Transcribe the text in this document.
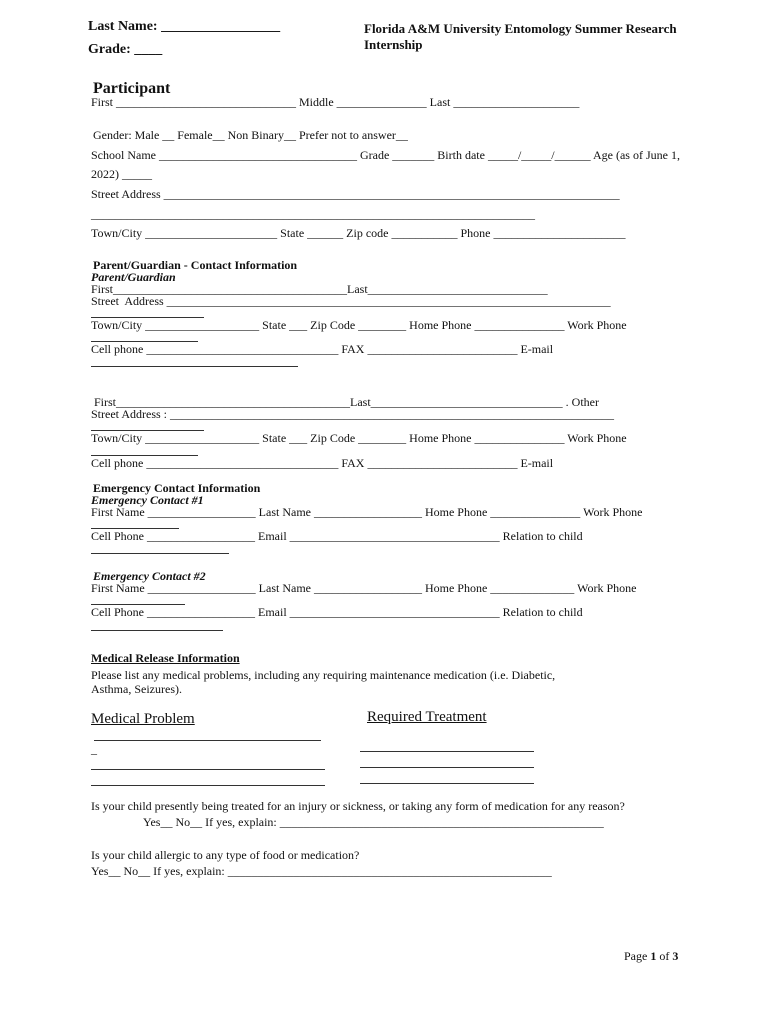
Last Name: _________________
Grade: ____
Florida A&M University Entomology Summer Research Internship
Participant
First ______________________________ Middle _______________ Last _____________________
Gender: Male __ Female__ Non Binary__ Prefer not to answer__
School Name _________________________________ Grade _______ Birth date _____/_____/______ Age (as of June 1,
2022) _____
Street Address ____________________________________________________________________________
__________________________________________________________________________
Town/City ______________________ State ______ Zip code ___________ Phone ______________________
Parent/Guardian - Contact Information
Parent/Guardian
First_______________________________________Last______________________________
Street  Address __________________________________________________________________________
Town/City ___________________ State ___ Zip Code ________ Home Phone _______________ Work Phone
Cell phone ________________________________ FAX _________________________ E-mail
First_______________________________________Last________________________________ . Other
Street Address : __________________________________________________________________________
Town/City ___________________ State ___ Zip Code ________ Home Phone _______________ Work Phone
Cell phone ________________________________ FAX _________________________ E-mail
Emergency Contact Information
Emergency Contact #1
First Name __________________ Last Name __________________ Home Phone _______________ Work Phone
Cell Phone __________________ Email ___________________________________ Relation to child
Emergency Contact #2
First Name __________________ Last Name __________________ Home Phone ______________ Work Phone
Cell Phone __________________ Email ___________________________________ Relation to child
Medical Release Information
Please list any medical problems, including any requiring maintenance medication (i.e. Diabetic,
Asthma, Seizures).
Medical Problem	Required Treatment
_
Is your child presently being treated for an injury or sickness, or taking any form of medication for any reason?
Yes__ No__ If yes, explain: ______________________________________________________
Is your child allergic to any type of food or medication?
Yes__ No__ If yes, explain: ______________________________________________________
Page 1 of 3
